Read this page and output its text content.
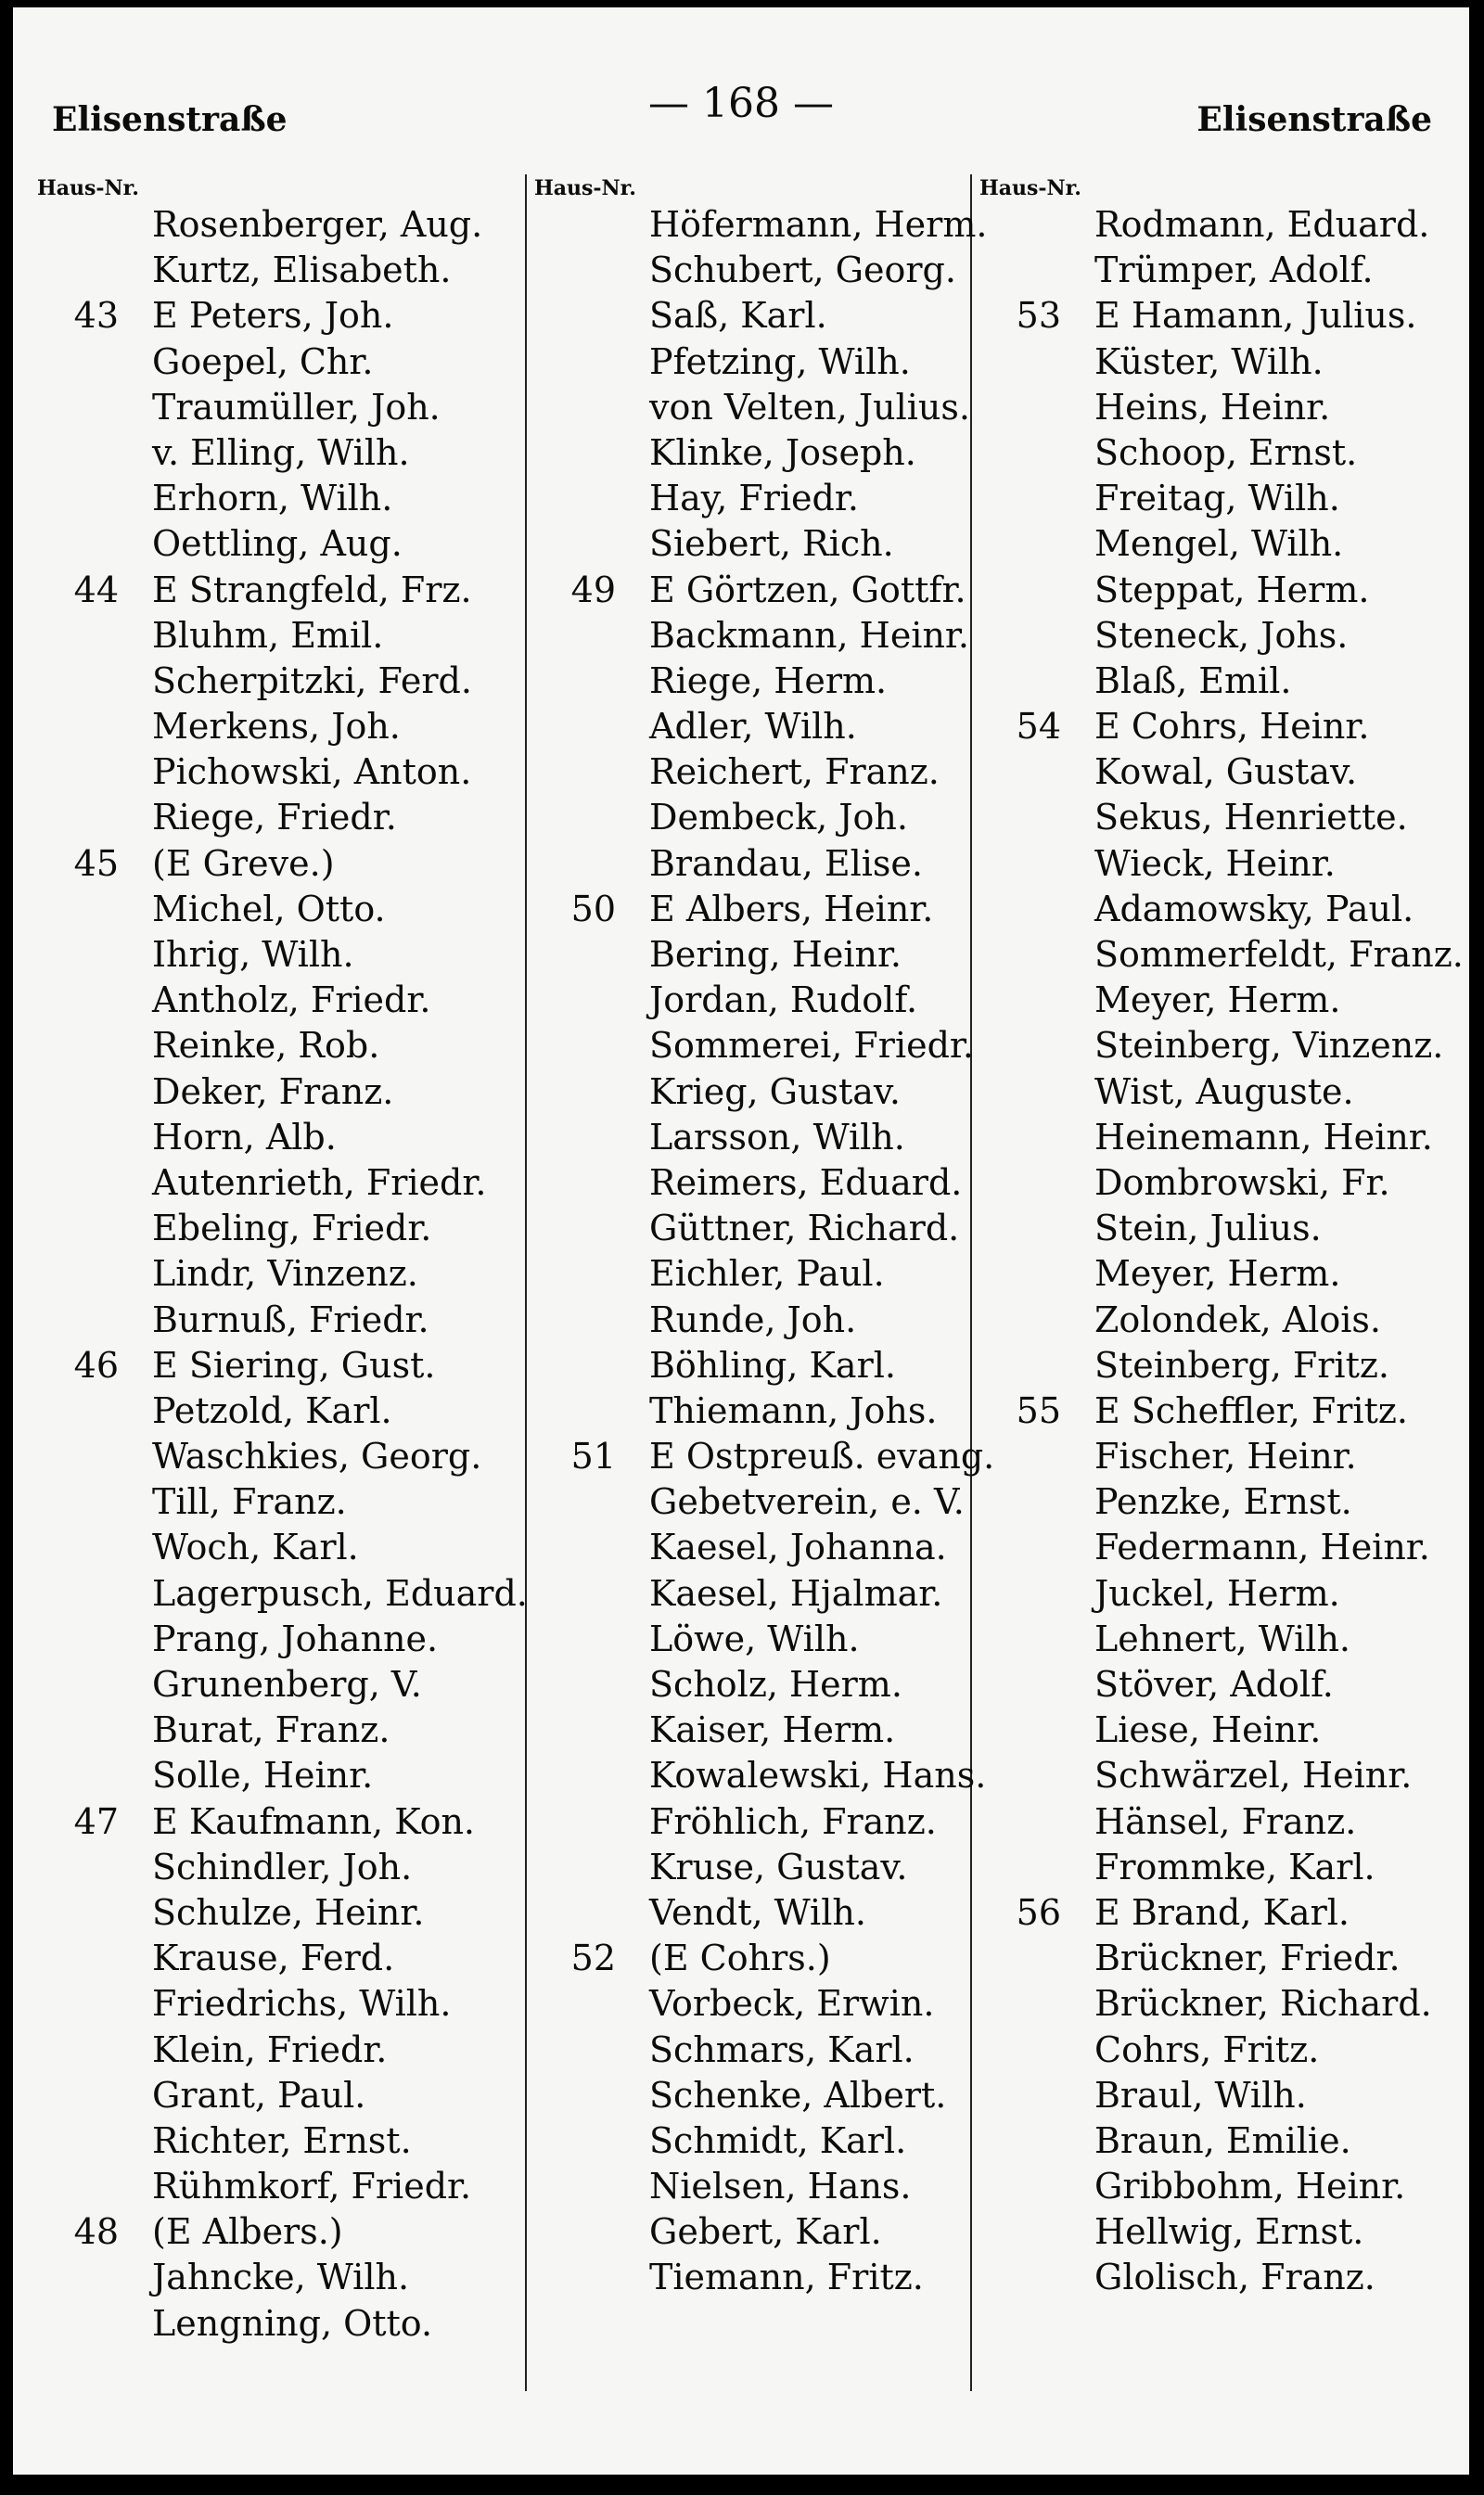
Elisenstraße	— 168 —	Elisenstraße
Haus-Nr.
Rosenberger, Aug.
Kurtz, Elisabeth.
43 E Peters, Joh.
Goepel, Chr.
Traumüller, Joh.
v. Elling, Wilh.
Erhorn, Wilh.
Oettling, Aug.
44 E Strangfeld, Frz.
Bluhm, Emil.
Scherpitzki, Ferd.
Merkens, Joh.
Pichowski, Anton.
Riege, Friedr.
45 (E Greve.)
Michel, Otto.
Ihrig, Wilh.
Antholz, Friedr.
Reinke, Rob.
Deker, Franz.
Horn, Alb.
Autenrieth, Friedr.
Ebeling, Friedr.
Lindr, Vinzenz.
Burnuß, Friedr.
46 E Siering, Gust.
Petzold, Karl.
Waschkies, Georg.
Till, Franz.
Woch, Karl.
Lagerpusch, Eduard.
Prang, Johanne.
Grunenberg, V.
Burat, Franz.
Solle, Heinr.
47 E Kaufmann, Kon.
Schindler, Joh.
Schulze, Heinr.
Krause, Ferd.
Friedrichs, Wilh.
Klein, Friedr.
Grant, Paul.
Richter, Ernst.
Rühmkorf, Friedr.
48 (E Albers.)
Jahncke, Wilh.
Lengning, Otto.
Haus-Nr.
Höfermann, Herm.
Schubert, Georg.
Saß, Karl.
Pfetzing, Wilh.
von Velten, Julius.
Klinke, Joseph.
Hay, Friedr.
Siebert, Rich.
49 E Görtzen, Gottfr.
Backmann, Heinr.
Riege, Herm.
Adler, Wilh.
Reichert, Franz.
Dembeck, Joh.
Brandau, Elise.
50 E Albers, Heinr.
Bering, Heinr.
Jordan, Rudolf.
Sommerei, Friedr.
Krieg, Gustav.
Larsson, Wilh.
Reimers, Eduard.
Güttner, Richard.
Eichler, Paul.
Runde, Joh.
Böhling, Karl.
Thiemann, Johs.
51 E Ostpreuß. evang.
Gebetverein, e. V.
Kaesel, Johanna.
Kaesel, Hjalmar.
Löwe, Wilh.
Scholz, Herm.
Kaiser, Herm.
Kowalewski, Hans.
Fröhlich, Franz.
Kruse, Gustav.
Vendt, Wilh.
52 (E Cohrs.)
Vorbeck, Erwin.
Schmars, Karl.
Schenke, Albert.
Schmidt, Karl.
Nielsen, Hans.
Gebert, Karl.
Tiemann, Fritz.
Haus-Nr.
Rodmann, Eduard.
Trümper, Adolf.
53 E Hamann, Julius.
Küster, Wilh.
Heins, Heinr.
Schoop, Ernst.
Freitag, Wilh.
Mengel, Wilh.
Steppat, Herm.
Steneck, Johs.
Blaß, Emil.
54 E Cohrs, Heinr.
Kowal, Gustav.
Sekus, Henriette.
Wieck, Heinr.
Adamowsky, Paul.
Sommerfeldt, Franz.
Meyer, Herm.
Steinberg, Vinzenz.
Wist, Auguste.
Heinemann, Heinr.
Dombrowski, Fr.
Stein, Julius.
Meyer, Herm.
Zolondek, Alois.
Steinberg, Fritz.
55 E Scheffler, Fritz.
Fischer, Heinr.
Penzke, Ernst.
Federmann, Heinr.
Juckel, Herm.
Lehnert, Wilh.
Stöver, Adolf.
Liese, Heinr.
Schwärzel, Heinr.
Hänsel, Franz.
Frommke, Karl.
56 E Brand, Karl.
Brückner, Friedr.
Brückner, Richard.
Cohrs, Fritz.
Braul, Wilh.
Braun, Emilie.
Gribbohm, Heinr.
Hellwig, Ernst.
Glolisch, Franz.
